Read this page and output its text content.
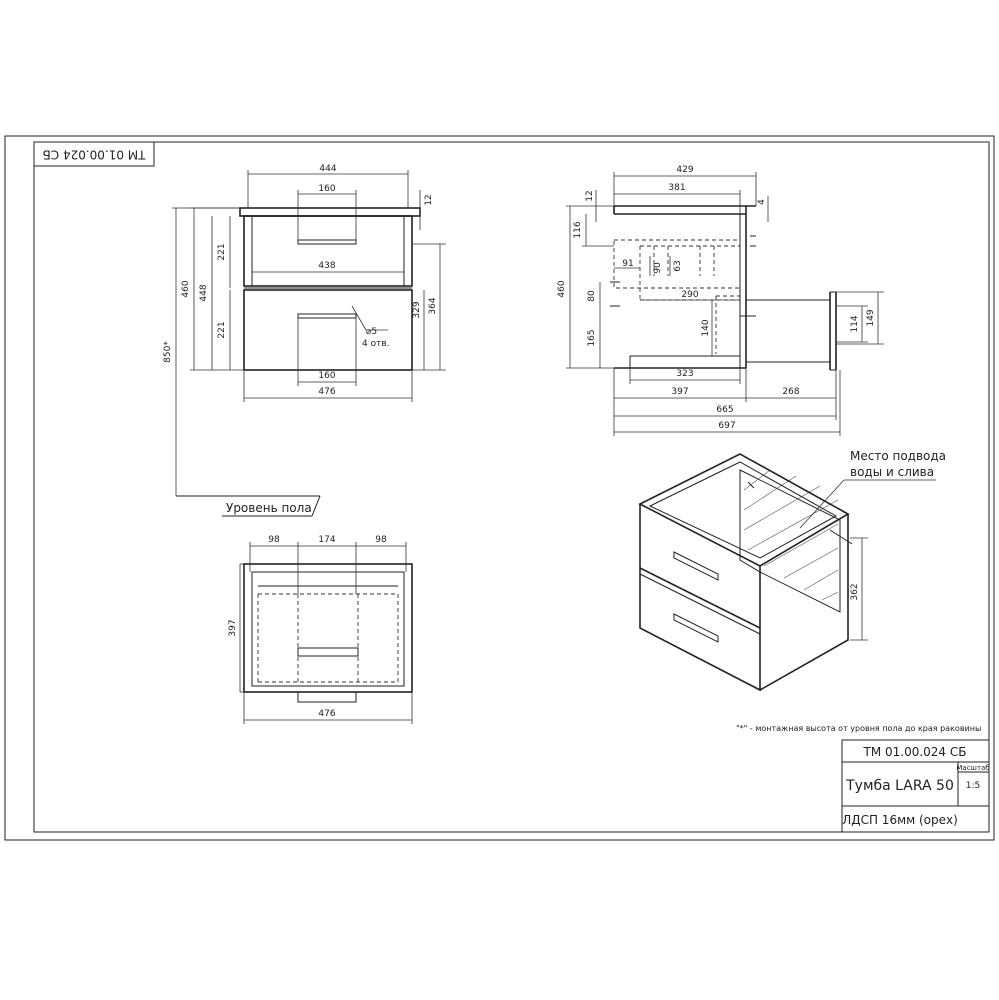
ТМ 01.00.024 СБ
444
160
12
438
160
476
460 448
221
221
850*
329 364
⌀5
4 отв.
Уровень пола
114 149
429
381
12
4
460
116
80
165
91 90 63
290
140
323
397	268
665
697
98	174	98
397
476
Место подвода
воды и слива
362
"*" - монтажная высота от уровня пола до края раковины
ТМ 01.00.024 СБ
Тумба LARA 50
Масштаб
1:5
ЛДСП 16мм (орех)
